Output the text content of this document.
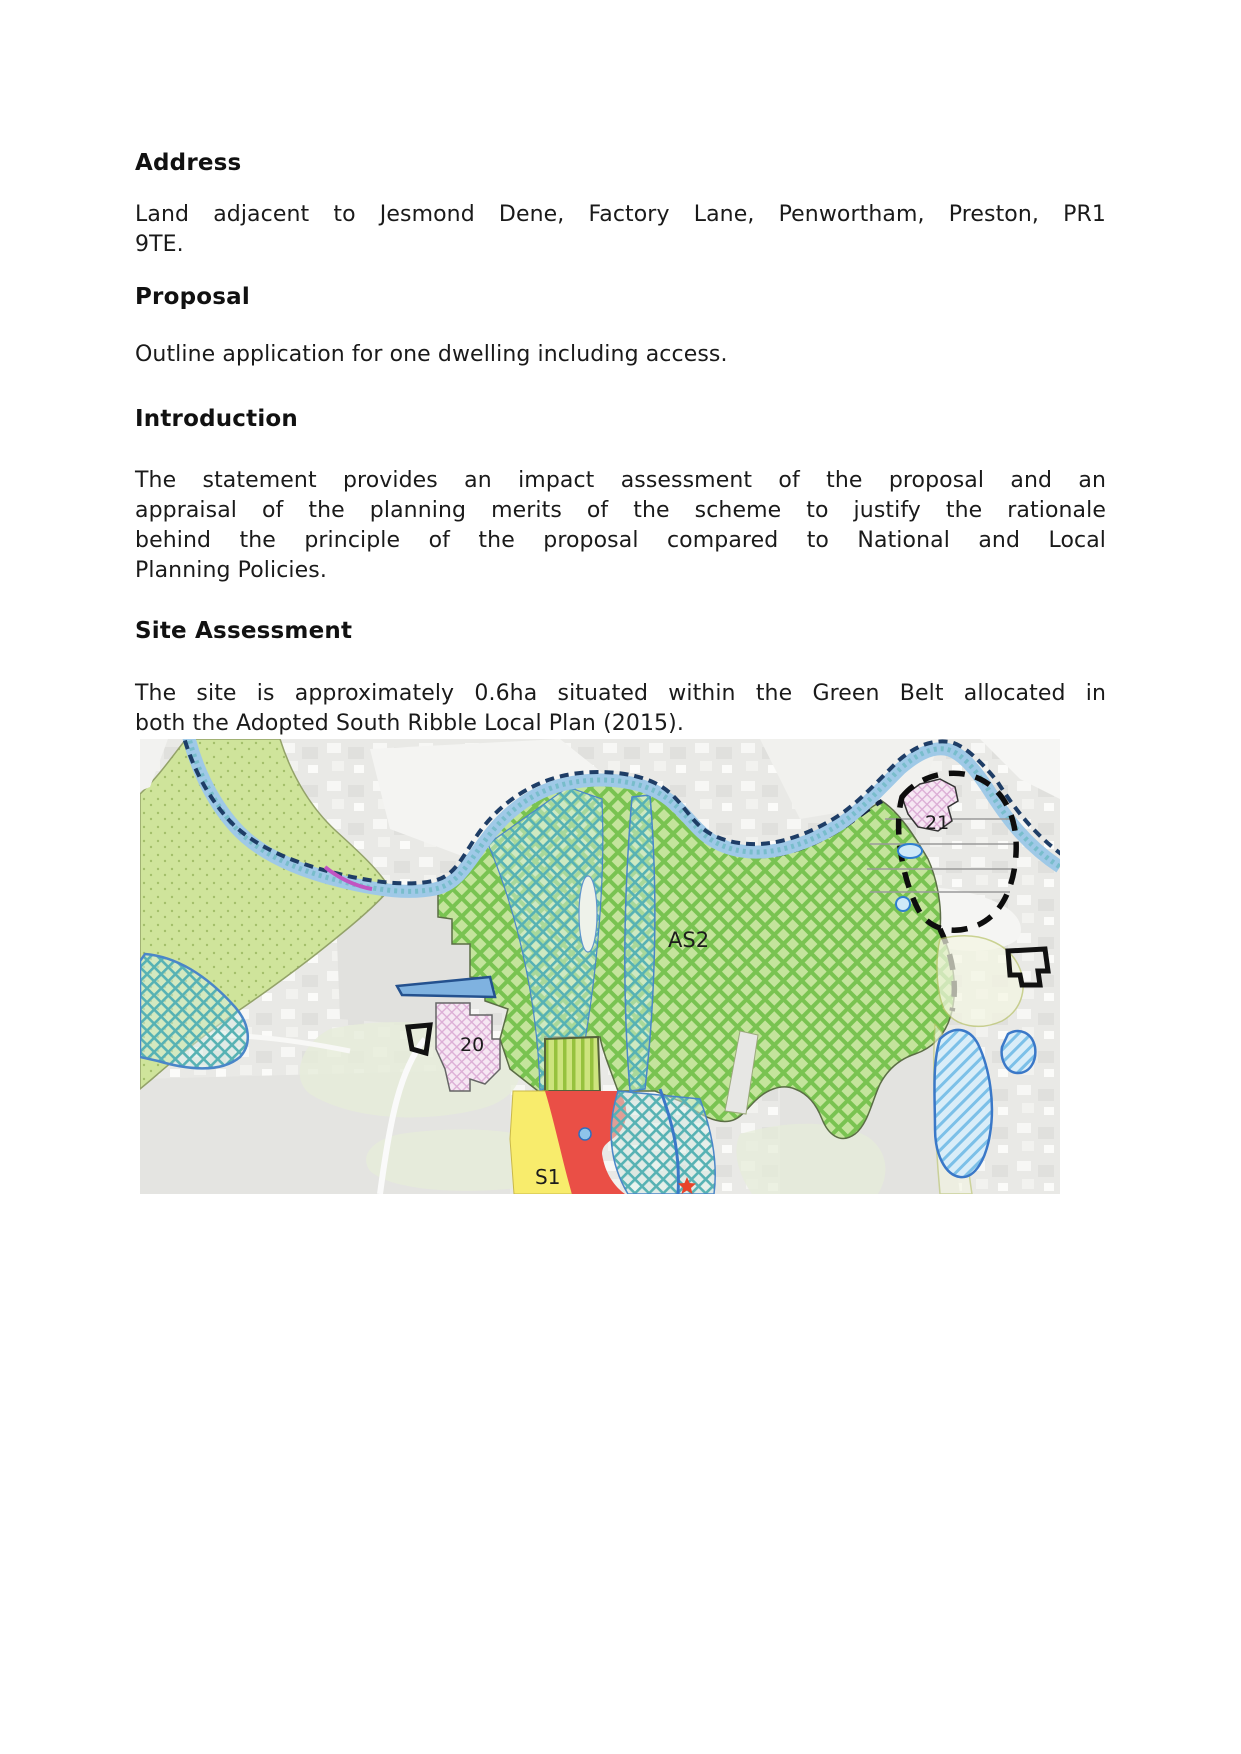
Address
Land adjacent to Jesmond Dene, Factory Lane, Penwortham, Preston, PR1
9TE.
Proposal
Outline application for one dwelling including access.
Introduction
The statement provides an impact assessment of the proposal and an
appraisal of the planning merits of the scheme to justify the rationale
behind the principle of the proposal compared to National and Local
Planning Policies.
Site Assessment
The site is approximately 0.6ha situated within the Green Belt allocated in
both the Adopted South Ribble Local Plan (2015).
AS2
21
20
S1
